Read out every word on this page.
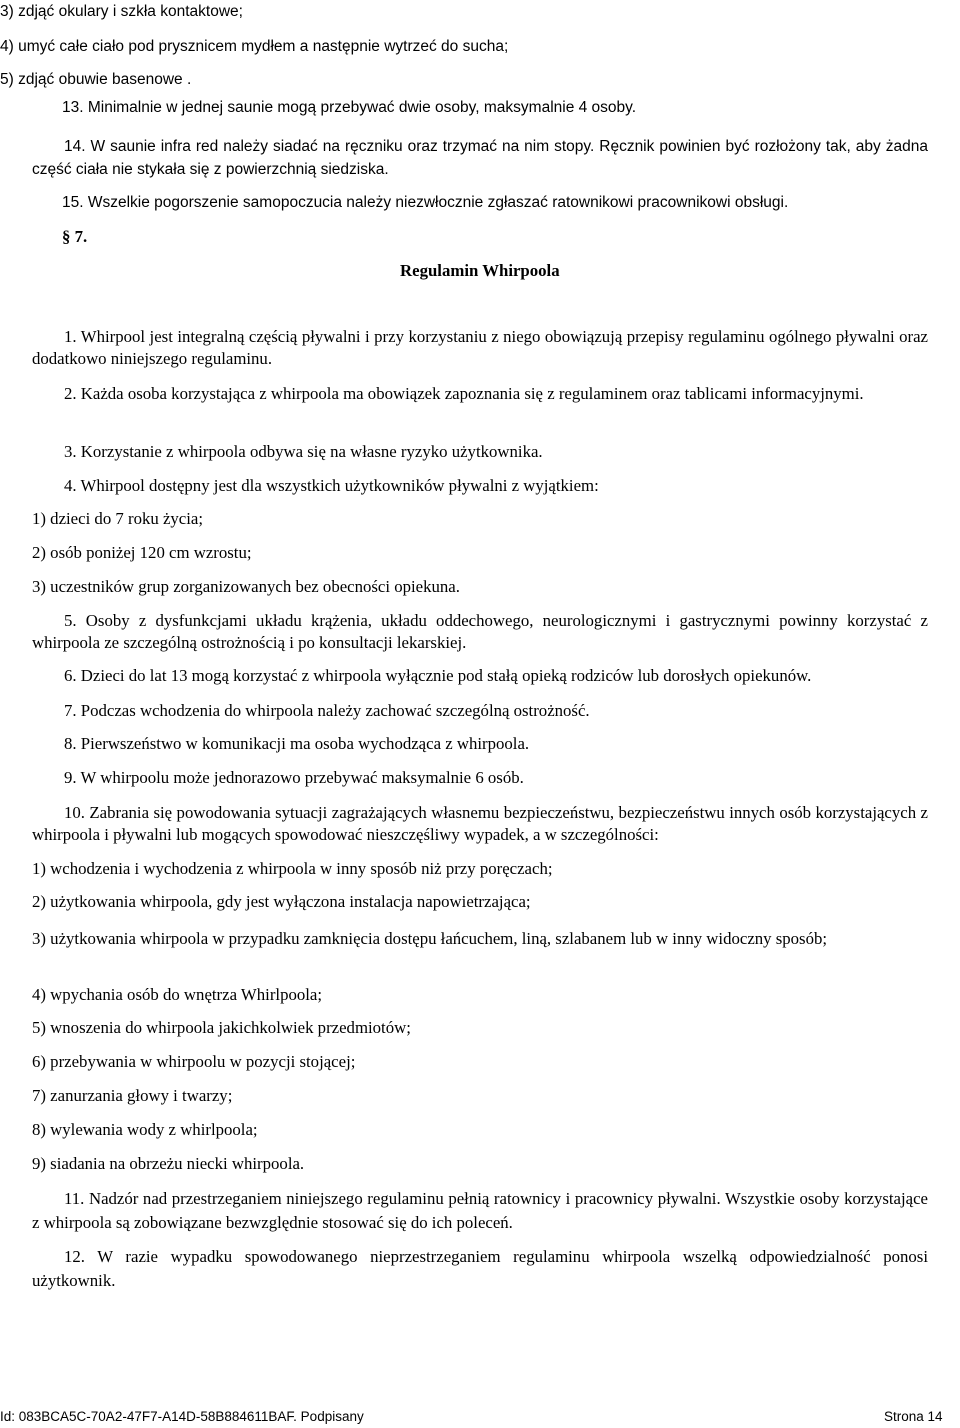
3) zdjąć okulary i szkła kontaktowe;

4) umyć całe ciało pod prysznicem mydłem a następnie wytrzeć do sucha;

5) zdjąć obuwie basenowe .

13. Minimalnie w jednej saunie mogą przebywać dwie osoby, maksymalnie 4 osoby.

14. W saunie infra red należy siadać na ręczniku oraz trzymać na nim stopy. Ręcznik powinien być rozłożony tak, aby żadna część ciała nie stykała się z powierzchnią siedziska.

15. Wszelkie pogorszenie samopoczucia należy niezwłocznie zgłaszać ratownikowi pracownikowi obsługi.

§ 7.

Regulamin Whirpoola

1. Whirpool jest integralną częścią pływalni i przy korzystaniu z niego obowiązują przepisy regulaminu ogólnego pływalni oraz dodatkowo niniejszego regulaminu.

2. Każda osoba korzystająca z whirpoola ma obowiązek zapoznania się z regulaminem oraz tablicami informacyjnymi.

3. Korzystanie z whirpoola odbywa się na własne ryzyko użytkownika.

4. Whirpool dostępny jest dla wszystkich użytkowników pływalni z wyjątkiem:

1) dzieci do 7 roku życia;

2) osób poniżej 120 cm wzrostu;

3) uczestników grup zorganizowanych bez obecności opiekuna.

5. Osoby z dysfunkcjami układu krążenia, układu oddechowego, neurologicznymi i gastrycznymi powinny korzystać z whirpoola ze szczególną ostrożnością i po konsultacji lekarskiej.

6. Dzieci do lat 13 mogą korzystać z whirpoola wyłącznie pod stałą opieką rodziców lub dorosłych opiekunów.

7. Podczas wchodzenia do whirpoola należy zachować szczególną ostrożność.

8. Pierwszeństwo w komunikacji ma osoba wychodząca z whirpoola.

9. W whirpoolu może jednorazowo przebywać maksymalnie 6 osób.

10. Zabrania się powodowania sytuacji zagrażających własnemu bezpieczeństwu, bezpieczeństwu innych osób korzystających z whirpoola i pływalni lub mogących spowodować nieszczęśliwy wypadek, a w szczególności:

1) wchodzenia i wychodzenia z whirpoola w inny sposób niż przy poręczach;

2) użytkowania whirpoola, gdy jest wyłączona instalacja napowietrzająca;

3) użytkowania whirpoola w przypadku zamknięcia dostępu łańcuchem, liną, szlabanem lub w inny widoczny sposób;

4) wpychania osób do wnętrza Whirlpoola;

5) wnoszenia do whirpoola jakichkolwiek przedmiotów;

6) przebywania w whirpoolu w pozycji stojącej;

7) zanurzania głowy i twarzy;

8) wylewania wody z whirlpoola;

9) siadania na obrzeżu niecki whirpoola.

11. Nadzór nad przestrzeganiem niniejszego regulaminu pełnią ratownicy i pracownicy pływalni. Wszystkie osoby korzystające z whirpoola są zobowiązane bezwzględnie stosować się do ich poleceń.

12. W razie wypadku spowodowanego nieprzestrzeganiem regulaminu whirpoola wszelką odpowiedzialność ponosi użytkownik.

Id: 083BCA5C-70A2-47F7-A14D-58B884611BAF. Podpisany	Strona 14
